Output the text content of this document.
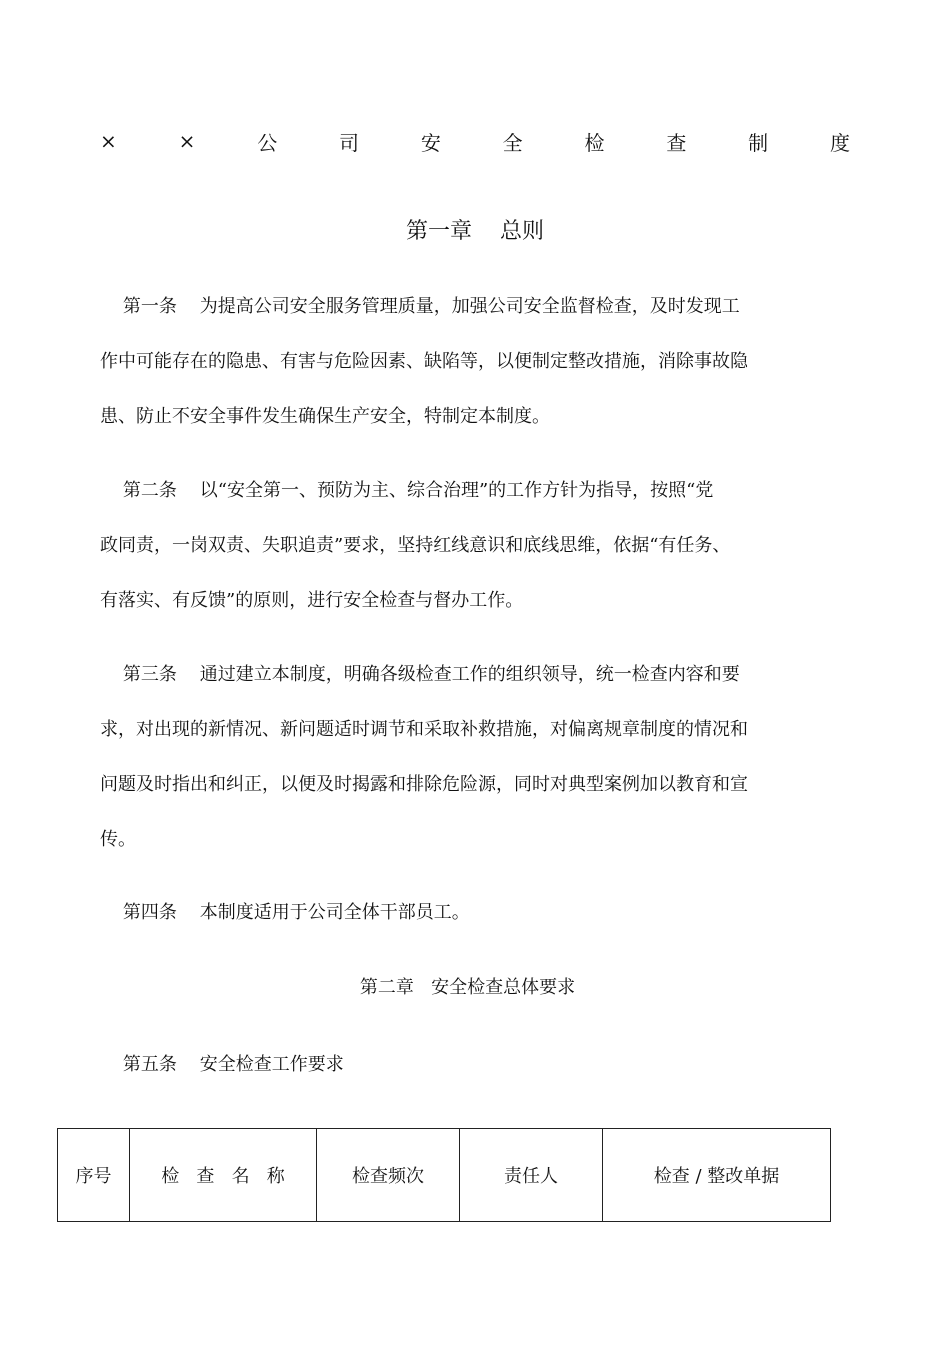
×	×	公	司	安	全	检	查	制	度
第一章    总则
第一条    为提高公司安全服务管理质量，加强公司安全监督检查，及时发现工
作中可能存在的隐患、有害与危险因素、缺陷等，以便制定整改措施，消除事故隐
患、防止不安全事件发生确保生产安全，特制定本制度。
第二条    以“安全第一、预防为主、综合治理”的工作方针为指导，按照“党
政同责，一岗双责、失职追责”要求，坚持红线意识和底线思维，依据“有任务、
有落实、有反馈”的原则，进行安全检查与督办工作。
第三条    通过建立本制度，明确各级检查工作的组织领导，统一检查内容和要
求，对出现的新情况、新问题适时调节和采取补救措施，对偏离规章制度的情况和
问题及时指出和纠正，以便及时揭露和排除危险源，同时对典型案例加以教育和宣
传。
第四条    本制度适用于公司全体干部员工。
第二章   安全检查总体要求
第五条    安全检查工作要求
序号	检   查   名   称	检查频次	责任人	检查 / 整改单据
